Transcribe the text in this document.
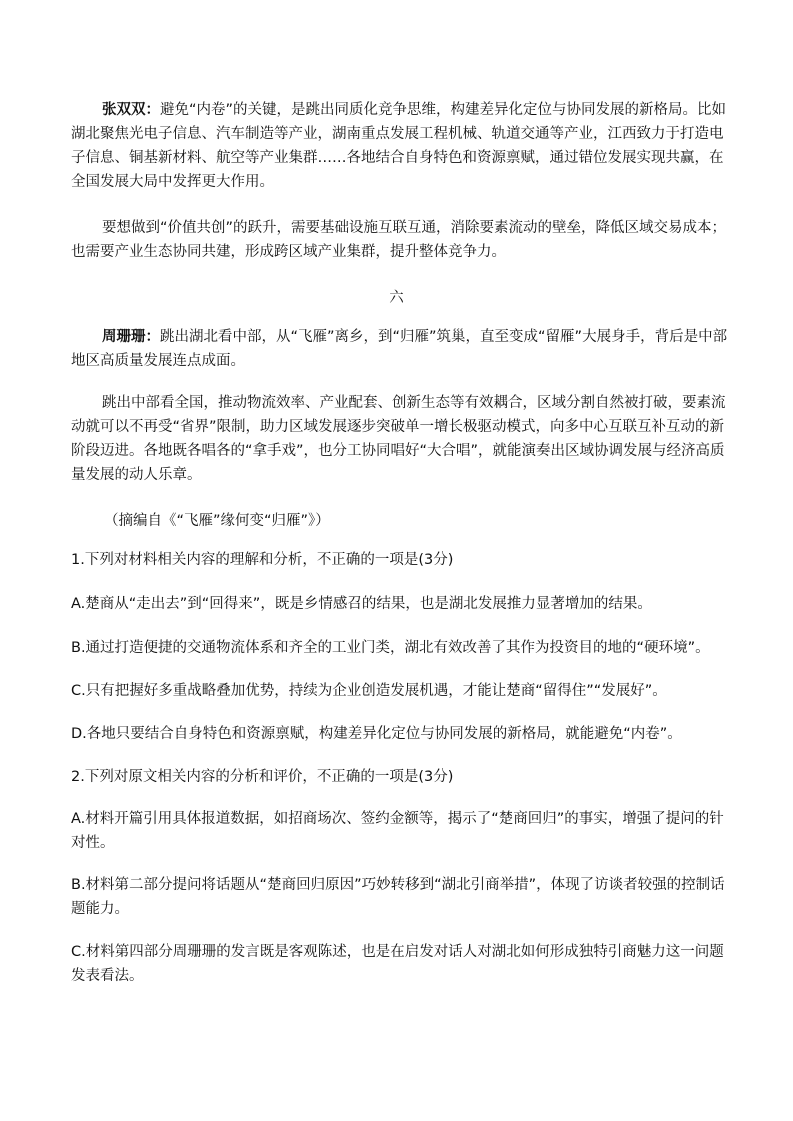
张双双：避免“内卷”的关键，是跳出同质化竞争思维，构建差异化定位与协同发展的新格局。比如湖北聚焦光电子信息、汽车制造等产业，湖南重点发展工程机械、轨道交通等产业，江西致力于打造电子信息、铜基新材料、航空等产业集群……各地结合自身特色和资源禀赋，通过错位发展实现共赢，在全国发展大局中发挥更大作用。

要想做到“价值共创”的跃升，需要基础设施互联互通，消除要素流动的壁垒，降低区域交易成本；也需要产业生态协同共建，形成跨区域产业集群，提升整体竞争力。

六

周珊珊：跳出湖北看中部，从“飞雁”离乡，到“归雁”筑巢，直至变成“留雁”大展身手，背后是中部地区高质量发展连点成面。

跳出中部看全国，推动物流效率、产业配套、创新生态等有效耦合，区域分割自然被打破，要素流动就可以不再受“省界”限制，助力区域发展逐步突破单一增长极驱动模式，向多中心互联互补互动的新阶段迈进。各地既各唱各的“拿手戏”，也分工协同唱好“大合唱”，就能演奏出区域协调发展与经济高质量发展的动人乐章。

（摘编自《“飞雁”缘何变“归雁”》）

1.下列对材料相关内容的理解和分析，不正确的一项是(3分)

A.楚商从“走出去”到“回得来”，既是乡情感召的结果，也是湖北发展推力显著增加的结果。

B.通过打造便捷的交通物流体系和齐全的工业门类，湖北有效改善了其作为投资目的地的“硬环境”。

C.只有把握好多重战略叠加优势，持续为企业创造发展机遇，才能让楚商“留得住”“发展好”。

D.各地只要结合自身特色和资源禀赋，构建差异化定位与协同发展的新格局，就能避免“内卷”。

2.下列对原文相关内容的分析和评价，不正确的一项是(3分)

A.材料开篇引用具体报道数据，如招商场次、签约金额等，揭示了“楚商回归”的事实，增强了提问的针对性。

B.材料第二部分提问将话题从“楚商回归原因”巧妙转移到“湖北引商举措”，体现了访谈者较强的控制话题能力。

C.材料第四部分周珊珊的发言既是客观陈述，也是在启发对话人对湖北如何形成独特引商魅力这一问题发表看法。
